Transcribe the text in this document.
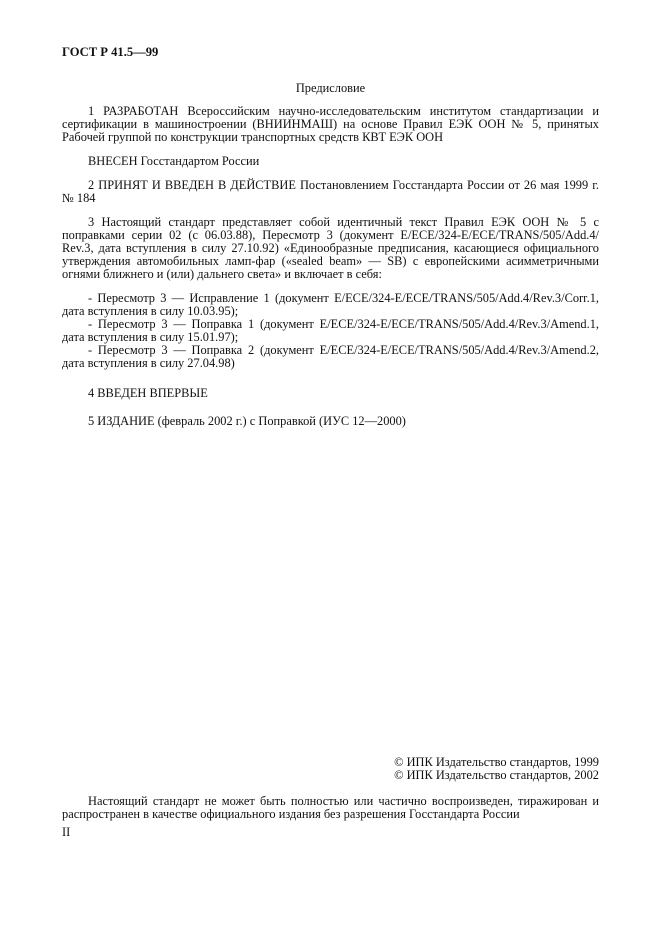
ГОСТ Р 41.5—99
Предисловие
1 РАЗРАБОТАН Всероссийским научно-исследовательским институтом стандартизации и
сертификации в машиностроении (ВНИИНМАШ) на основе Правил ЕЭК ООН № 5, принятых
Рабочей группой по конструкции транспортных средств КВТ ЕЭК ООН
ВНЕСЕН Госстандартом России
2 ПРИНЯТ И ВВЕДЕН В ДЕЙСТВИЕ Постановлением Госстандарта России от 26 мая 1999 г.
№ 184
3 Настоящий стандарт представляет собой идентичный текст Правил ЕЭК ООН № 5 с
поправками серии 02 (с 06.03.88), Пересмотр 3 (документ E/ECE/324-E/ECE/TRANS/505/Add.4/
Rev.3, дата вступления в силу 27.10.92) «Единообразные предписания, касающиеся официального
утверждения автомобильных ламп-фар («sealed beam» — SB) с европейскими асимметричными
огнями ближнего и (или) дальнего света» и включает в себя:
- Пересмотр 3 — Исправление 1 (документ E/ECE/324-E/ECE/TRANS/505/Add.4/Rev.3/Corr.1,
дата вступления в силу 10.03.95);
- Пересмотр 3 — Поправка 1 (документ E/ECE/324-E/ECE/TRANS/505/Add.4/Rev.3/Amend.1,
дата вступления в силу 15.01.97);
- Пересмотр 3 — Поправка 2 (документ E/ECE/324-E/ECE/TRANS/505/Add.4/Rev.3/Amend.2,
дата вступления в силу 27.04.98)
4 ВВЕДЕН ВПЕРВЫЕ
5 ИЗДАНИЕ (февраль 2002 г.) с Поправкой (ИУС 12—2000)
© ИПК Издательство стандартов, 1999
© ИПК Издательство стандартов, 2002
Настоящий стандарт не может быть полностью или частично воспроизведен, тиражирован и
распространен в качестве официального издания без разрешения Госстандарта России
II
